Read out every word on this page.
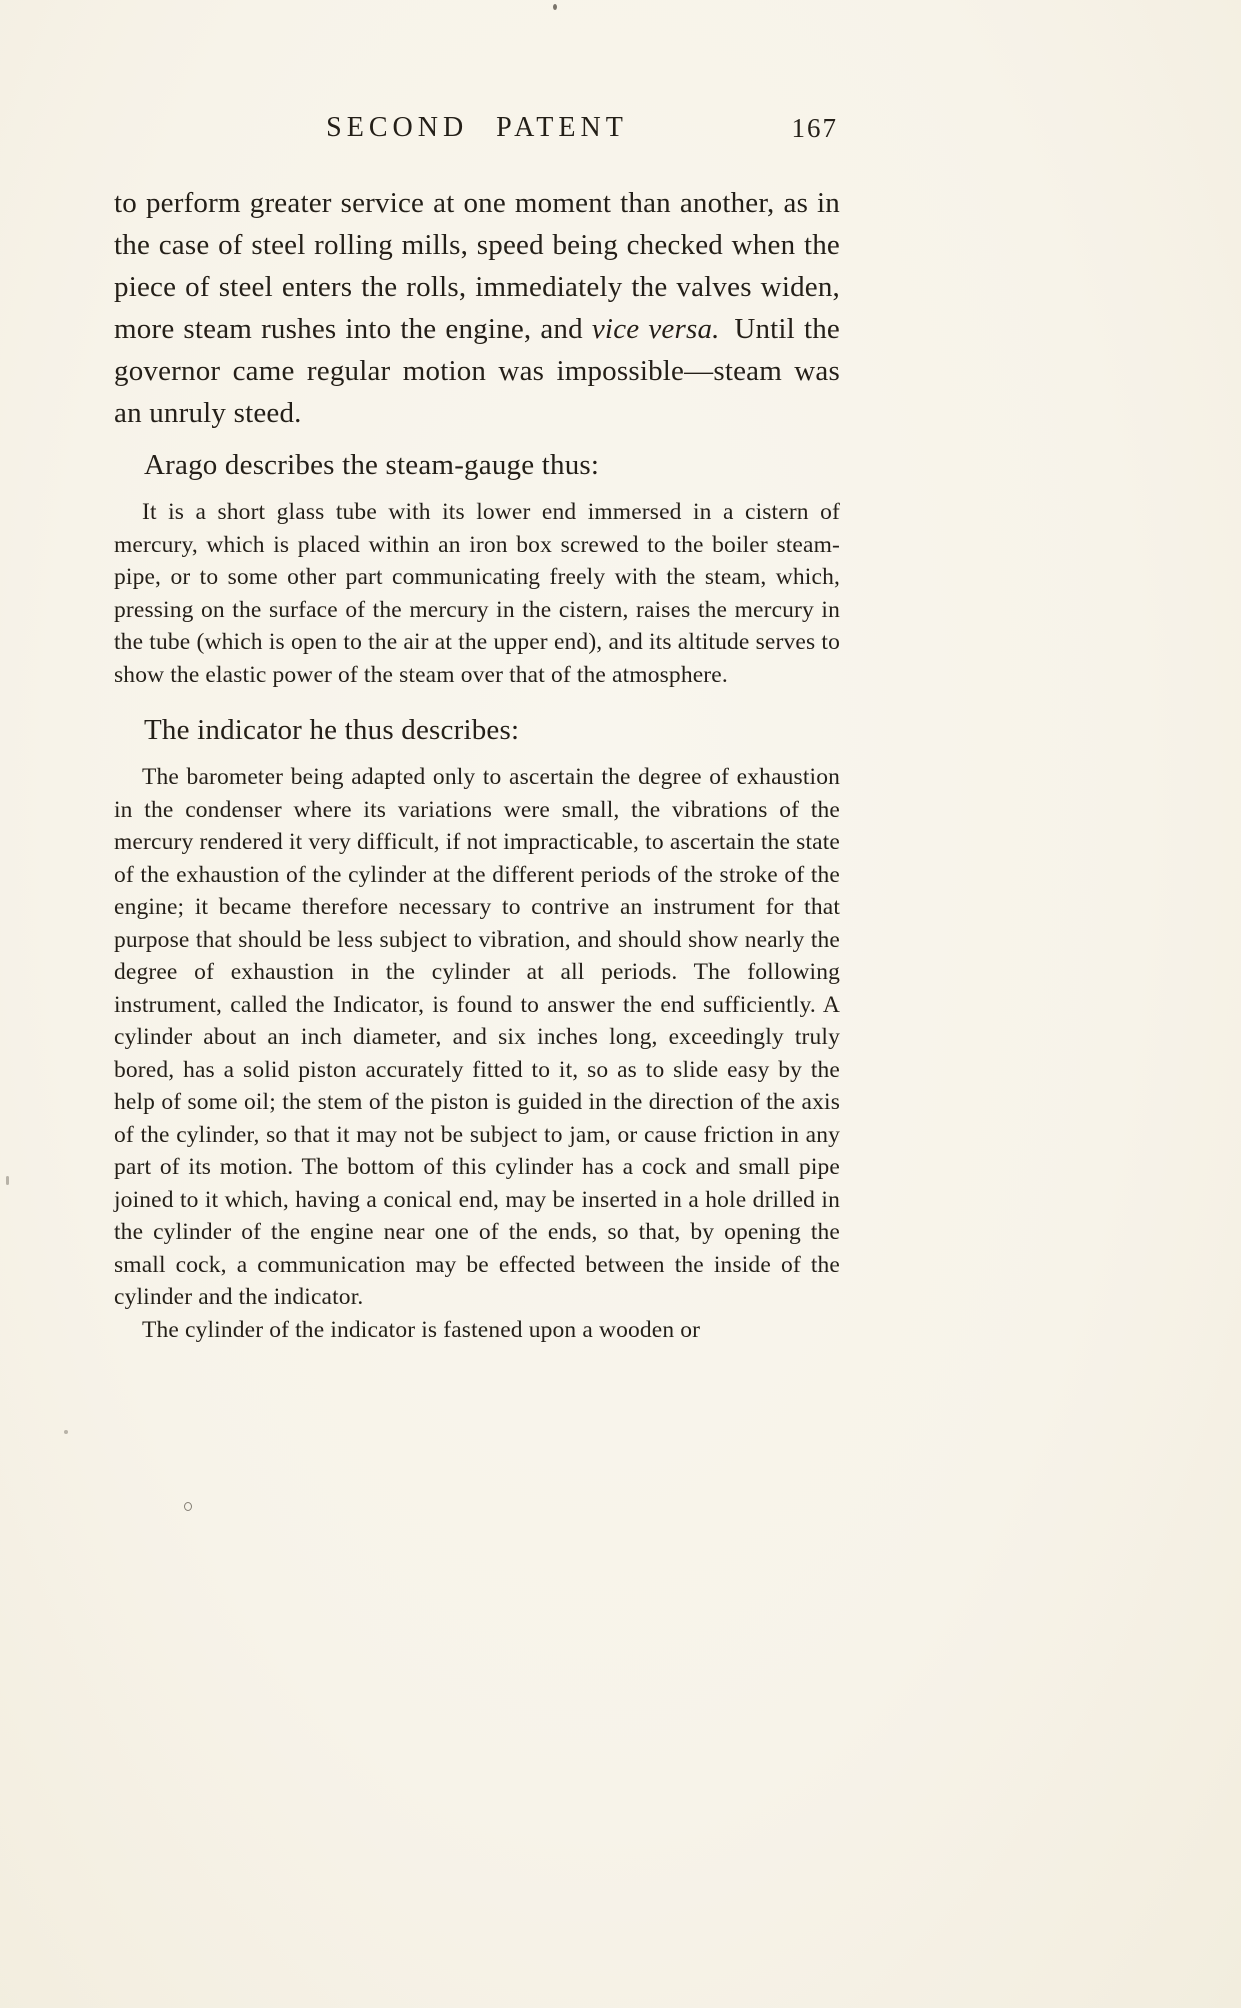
SECOND PATENT	167

to perform greater service at one moment than another, as in the case of steel rolling mills, speed being checked when the piece of steel enters the rolls, immediately the valves widen, more steam rushes into the engine, and vice versa. Until the governor came regular motion was impossible—steam was an unruly steed.

Arago describes the steam-gauge thus:

It is a short glass tube with its lower end immersed in a cistern of mercury, which is placed within an iron box screwed to the boiler steam-pipe, or to some other part communicating freely with the steam, which, pressing on the surface of the mercury in the cistern, raises the mercury in the tube (which is open to the air at the upper end), and its altitude serves to show the elastic power of the steam over that of the atmosphere.

The indicator he thus describes:

The barometer being adapted only to ascertain the degree of exhaustion in the condenser where its variations were small, the vibrations of the mercury rendered it very difficult, if not impracticable, to ascertain the state of the exhaustion of the cylinder at the different periods of the stroke of the engine; it became therefore necessary to contrive an instrument for that purpose that should be less subject to vibration, and should show nearly the degree of exhaustion in the cylinder at all periods. The following instrument, called the Indicator, is found to answer the end sufficiently. A cylinder about an inch diameter, and six inches long, exceedingly truly bored, has a solid piston accurately fitted to it, so as to slide easy by the help of some oil; the stem of the piston is guided in the direction of the axis of the cylinder, so that it may not be subject to jam, or cause friction in any part of its motion. The bottom of this cylinder has a cock and small pipe joined to it which, having a conical end, may be inserted in a hole drilled in the cylinder of the engine near one of the ends, so that, by opening the small cock, a communication may be effected between the inside of the cylinder and the indicator.

The cylinder of the indicator is fastened upon a wooden or
